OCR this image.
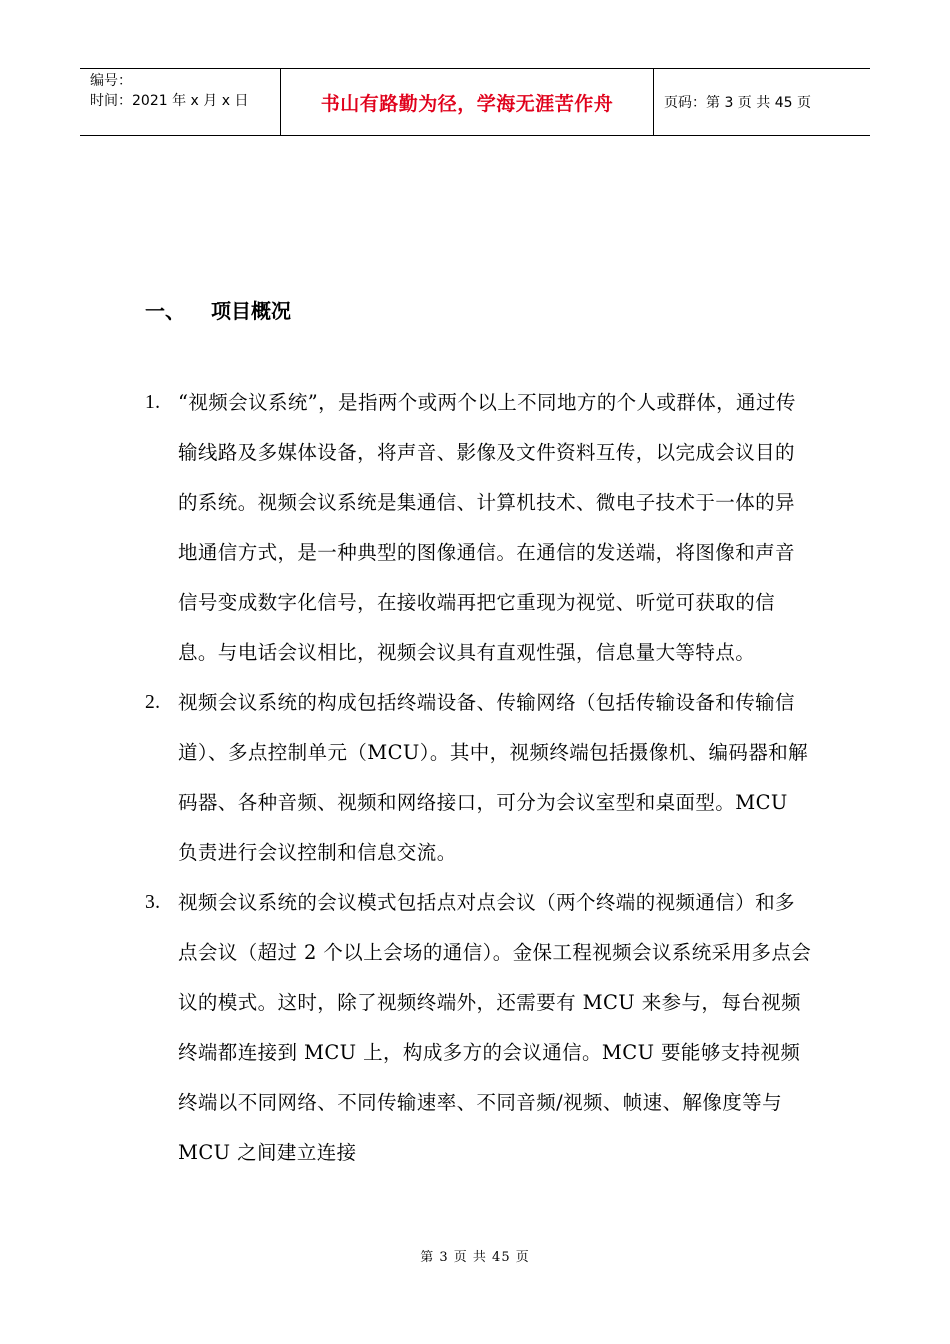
编号：
时间：2021 年 x 月 x 日	书山有路勤为径，学海无涯苦作舟	页码：第 3 页 共 45 页
一、 项目概况
1. “视频会议系统”，是指两个或两个以上不同地方的个人或群体，通过传输线路及多媒体设备，将声音、影像及文件资料互传，以完成会议目的的系统。视频会议系统是集通信、计算机技术、微电子技术于一体的异地通信方式，是一种典型的图像通信。在通信的发送端，将图像和声音信号变成数字化信号，在接收端再把它重现为视觉、听觉可获取的信息。与电话会议相比，视频会议具有直观性强，信息量大等特点。
2. 视频会议系统的构成包括终端设备、传输网络（包括传输设备和传输信道）、多点控制单元（MCU）。其中，视频终端包括摄像机、编码器和解码器、各种音频、视频和网络接口，可分为会议室型和桌面型。MCU 负责进行会议控制和信息交流。
3. 视频会议系统的会议模式包括点对点会议（两个终端的视频通信）和多点会议（超过 2 个以上会场的通信）。金保工程视频会议系统采用多点会议的模式。这时，除了视频终端外，还需要有 MCU 来参与，每台视频终端都连接到 MCU 上，构成多方的会议通信。MCU 要能够支持视频终端以不同网络、不同传输速率、不同音频/视频、帧速、解像度等与 MCU 之间建立连接
第 3 页 共 45 页
